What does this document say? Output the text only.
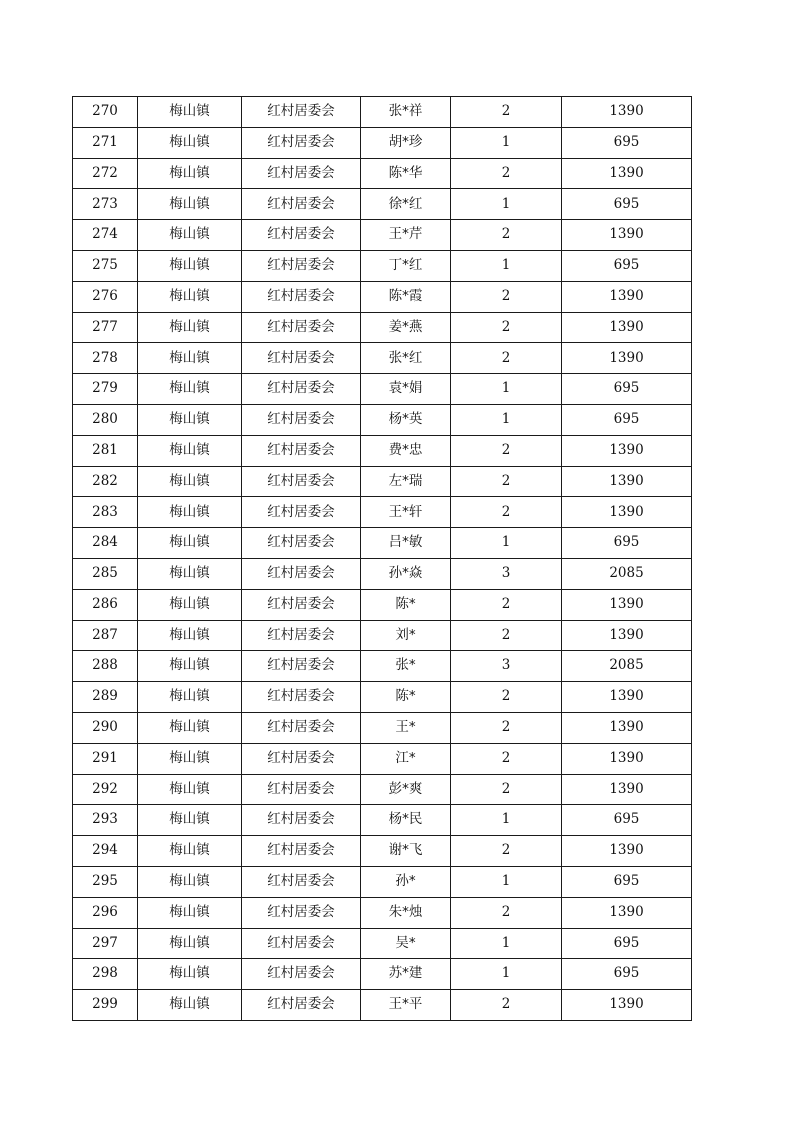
270	梅山镇	红村居委会	张*祥	2	1390
271	梅山镇	红村居委会	胡*珍	1	695
272	梅山镇	红村居委会	陈*华	2	1390
273	梅山镇	红村居委会	徐*红	1	695
274	梅山镇	红村居委会	王*芹	2	1390
275	梅山镇	红村居委会	丁*红	1	695
276	梅山镇	红村居委会	陈*霞	2	1390
277	梅山镇	红村居委会	姜*燕	2	1390
278	梅山镇	红村居委会	张*红	2	1390
279	梅山镇	红村居委会	袁*娟	1	695
280	梅山镇	红村居委会	杨*英	1	695
281	梅山镇	红村居委会	费*忠	2	1390
282	梅山镇	红村居委会	左*瑞	2	1390
283	梅山镇	红村居委会	王*轩	2	1390
284	梅山镇	红村居委会	吕*敏	1	695
285	梅山镇	红村居委会	孙*焱	3	2085
286	梅山镇	红村居委会	陈*	2	1390
287	梅山镇	红村居委会	刘*	2	1390
288	梅山镇	红村居委会	张*	3	2085
289	梅山镇	红村居委会	陈*	2	1390
290	梅山镇	红村居委会	王*	2	1390
291	梅山镇	红村居委会	江*	2	1390
292	梅山镇	红村居委会	彭*爽	2	1390
293	梅山镇	红村居委会	杨*民	1	695
294	梅山镇	红村居委会	谢*飞	2	1390
295	梅山镇	红村居委会	孙*	1	695
296	梅山镇	红村居委会	朱*烛	2	1390
297	梅山镇	红村居委会	吴*	1	695
298	梅山镇	红村居委会	苏*建	1	695
299	梅山镇	红村居委会	王*平	2	1390
